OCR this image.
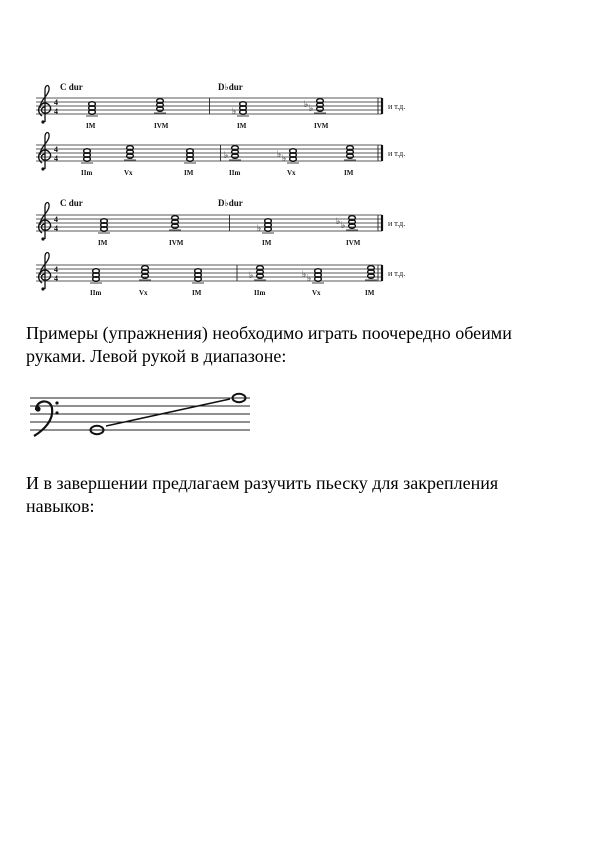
4
4
C dur	D♭dur
IM	IVM
♭
IM
♭
♭
IVM
и т.д.
4
4
IIm	Vx	IM
♭
IIm
♭
♭
Vx	IM
и т.д.
4
4
C dur	D♭dur
IM	IVM
♭
IM
♭
♭
IVM
и т.д.
4
4
IIm	Vx	IM
♭
IIm
♭
♭
Vx	IM
и т.д.

Примеры (упражнения) необходимо играть поочередно обеими
руками. Левой рукой в диапазоне:

И в завершении предлагаем разучить пьеску для закрепления
навыков:
